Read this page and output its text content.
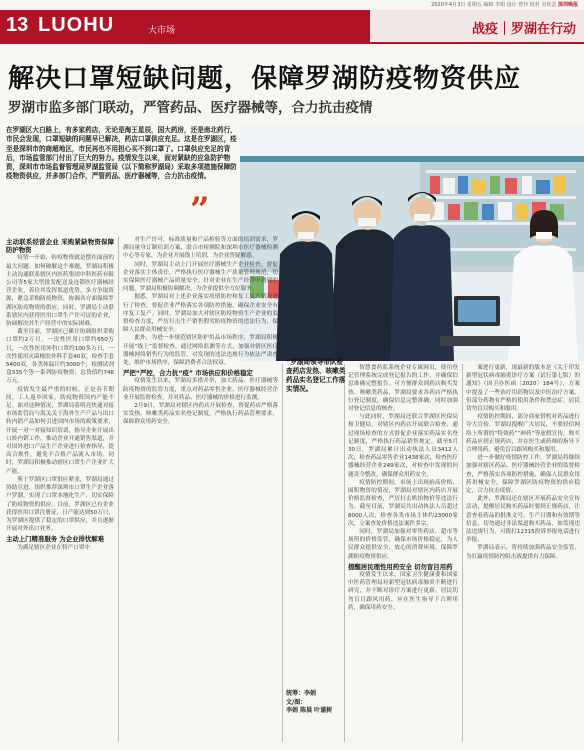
2020年4月3日 星期五 编辑 李娟 设计 曾玲 校对 吴钦芸 深圳晚报
13 LUOHU	大市场	战疫｜罗湖在行动
解决口罩短缺问题，保障罗湖防疫物资供应
罗湖市监多部门联动，严管药品、医疗器械等，合力抗击疫情
在罗湖区大白路上，有多家药店，无论是海王星辰，国大药房，还是南北药行，市民会发现，口罩短缺的问题早已解决，药店口罩供应充足。这是在罗湖区，疫至是深圳市的商超地区，市民再也不用担心买不到口罩了。口罩供应充足的背后，市场监管部门付出了巨大的努力。疫情发生以来，面对紧缺的应急防护物资，深圳市市场监督管理局罗湖监管局（以下简称罗湖局）采取多项措施保障防疫物资供应，并多部门合作，严管药品、医疗器械等，合力抗击疫情。
”
主动联系经营企业 采购紧缺物资保障防护物资

疫情一开始，防疫物资就是摆在面前的最大问题。如何破解这个难题，罗湖局积极主动沟通联系辖区内医药集团中科医药有限公司等5家大型批发配送及连锁医疗器械经营企业，着位其发挥渠道优势，多方争取资源，紧急采购防疫物资，协调各方面保障罗湖区防疫物资的供应。同时，罗湖局主动联系辖区内获得医用口罩生产许可证的企业，协调解决其生产经营中的实际困难。

截至目前，罗湖区已累计协调组织采购口罩约2万只，一次性医用口罩约650万只，一次性医用外科口罩约100多万只，一次性使用灭菌橡胶外科手套40双，检查手套5400双，各类体温计约3000个，检测试剂盒335个等一系列防疫物资；总货值约748万元。

疫情发生最严重的时候，正是春节期间，工人返乡回家，防疫物资国内产能不足。面对这种情况，罗湖局着明亮快速对接市场监管局与海关关于海外生产产品与出口转内销产品如何引进国内市场的政策要求，开展一对一对接知识培训，指导企业开展出口转内销工作，推动企业开通销售渠道，并对国外进口产品生产企业进行检查指导，提高合规性，避免不合格产品流入市场。同时，罗湖局积极推动辖区口罩生产企业扩大产能。

鉴于罗湖区口罩供应紧张，罗湖局通过协助引进、组织推荐深圳市口罩生产企业落户罗湖，实现了口罩本地化生产，切实保障了防疫物资的供应。目前，罗湖区已有企业获得医用口罩注册证，日产能达到50万只，为罗湖区提供了稳定的口罩供应，并且逐渐开展对外出口业务。

主动上门精准服务 为企业排忧解难

为满足辖区企业在特产口罩中

对生产许可，标准质量和产品检验等方面的培训需求，罗湖局量身订制培训方案，联合市检测院和深圳市医疗器械检测中心等专家，为企业开展线上培训，为企业答疑解惑。

同时，罗湖局主动上门开展医疗器械生产企业检查，督促企业落实主体责任，严格执行医疗器械生产质量管理规范，切实保障医疗器械产品质量安全。针对企业在生产经营中遇到的问题，罗湖局积极协调解决，为企业提供全方位服务。

据悉，罗湖局对上述企业落实疫情防控和复工复产情况进行了检查，督促企业严格落实各项防控措施，确保企业安全有序复工复产。同时，罗湖局加大对辖区防疫物资生产企业的监督检查力度，严厉打击生产销售假劣防疫物资的违法行为，保障人民群众用械安全。

此外，为进一步规范辖区防护用品市场秩序，罗湖局积极开展“线上”监督检查，通过网络监测等方式，加强对辖区医疗器械网络销售行为的监管，对发现的违法违规行为依法严肃查处，维护市场秩序，保障消费者合法权益。

严把“严控，合力抗“疫” 市场供应和价格稳定

疫情发生以来，罗湖局多措并举，加大药品、医疗器械等防疫物资的监管力度，重点对药品零售企业、医疗器械经营企业开展监督检查，并对药品、医疗器械的价格进行监测。

2月9日，罗湖局对辖区内药店开展检查，督促药店严格落实发热、咳嗽类药品实名登记制度，严格执行药品管理要求，保障群众用药安全。

“罗湖局领导带队检查药店发热、咳嗽类药品实名登记工作落实情况。
统筹：李娟
文/图：
李娟 陈晨 叶谨树

智慧食药监系统企业专属网页，使用登记管理系统完成登记报告的工作，并确保信息准确完整报告。可方便群众到药店购买发热、咳嗽类药品，罗湖局要求各药店严格执行登记制度，确保信息完整准确，同时加强对登记信息的核查。

与此同时，罗湖局还联合罗湖区医保局和卫健局，对辖区内药店开展联合检查，通过现场检查的方式督促企业落实药品实名登记制度，严格执行药品销售规定。截至5月30日，罗湖局累计出动执法人员3412人次，检查药品零售企业1438家次，检查医疗器械经营企业249家次，对检查中发现的问题责令整改，确保群众用药安全。

疫情防控期间，市场上出现抬高价格、囤积物资的情况，罗湖局对辖区内药店开展价格监督检查，严厉打击哄抬物价等违法行为。截至目前，罗湖局共出动执法人员超过8000人次，检查各类市场主体约23000家次，立案查处价格违法案件多宗。

同时，罗湖局加强对零售药店、超市等场所的价格监管，确保市场价格稳定，为人民群众提供安全、放心的消费环境，保障罗湖防疫物资供应。

提醒居民理性用药安全 切勿盲目用药

疫情发生以来，国家卫生健康委和国家中医药管理局对新型冠状病毒肺炎不断进行研究，并不断对诊疗方案进行更新。居民切勿盲目跟风用药，应在医生指导下合理用药，确保用药安全。

案进行更新，现最新的版本是《关于印发新型冠状病毒肺炎诊疗方案（试行第七版）的通知》（国卫办医函〔2020〕184号），方案中提及了一些治疗用药物以及中医治疗方案，但部分药物有严格的使用条件和禁忌症，居民切勿盲目购买和服用。

疫情防控期间，部分商家借机对药品进行夸大宣传，罗湖局提醒广大居民，不要轻信网络上所谓的“特效药”“神药”等虚假宣传，购买药品应到正规药店，并在医生或药师的指导下合理用药，避免盲目跟风购买和服用。

进一步做好疫情防控工作，罗湖局将继续加强对辖区药品、医疗器械经营企业的监督检查，严格落实各项防控措施，确保人民群众用药用械安全，保障罗湖区防疫物资的供应稳定，合力抗击疫情。

此外，罗湖局还在辖区开展药品安全宣传活动，提醒居民购买药品时要到正规药店，注意查看药品的批准文号、生产日期和有效期等信息，切勿通过非法渠道购买药品，如发现违法违规行为，可拨打12315投诉举报电话进行举报。

罗湖局表示，将持续加强药品安全监管，为打赢疫情防控阻击战提供有力保障。
